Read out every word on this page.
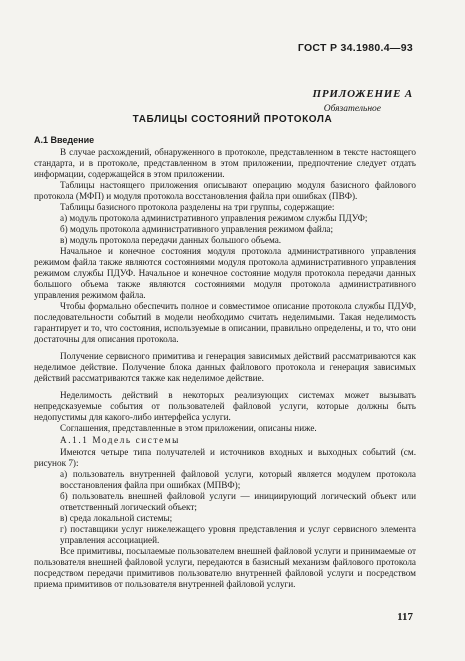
ГОСТ Р 34.1980.4—93
ПРИЛОЖЕНИЕ А
Обязательное
ТАБЛИЦЫ СОСТОЯНИЙ ПРОТОКОЛА

А.1 Введение

В случае расхождений, обнаруженного в протоколе, представленном в тексте настоящего стандарта, и в протоколе, представленном в этом приложении, предпочтение следует отдать информации, содержащейся в этом приложении.

Таблицы настоящего приложения описывают операцию модуля базисного файлового протокола (МФП) и модуля протокола восстановления файла при ошибках (ПВФ).

Таблицы базисного протокола разделены на три группы, содержащие:

а) модуль протокола административного управления режимом службы ПДУФ;

б) модуль протокола административного управления режимом файла;

в) модуль протокола передачи данных большого объема.

Начальное и конечное состояния модуля протокола административного управления режимом файла также являются состояниями модуля протокола административного управления режимом службы ПДУФ. Начальное и конечное состояние модуля протокола передачи данных большого объема также являются состояниями модуля протокола административного управления режимом файла.

Чтобы формально обеспечить полное и совместимое описание протокола службы ПДУФ, последовательности событий в модели необходимо считать неделимыми. Такая неделимость гарантирует и то, что состояния, используемые в описании, правильно определены, и то, что они достаточны для описания протокола.

Получение сервисного примитива и генерация зависимых действий рассматриваются как неделимое действие. Получение блока данных файлового протокола и генерация зависимых действий рассматриваются также как неделимое действие.

Неделимость действий в некоторых реализующих системах может вызывать непредсказуемые события от пользователей файловой услуги, которые должны быть недопустимы для какого-либо интерфейса услуги.

Соглашения, представленные в этом приложении, описаны ниже.

А.1.1 Модель системы

Имеются четыре типа получателей и источников входных и выходных событий (см. рисунок 7):

а) пользователь внутренней файловой услуги, который является модулем протокола восстановления файла при ошибках (МПВФ);

б) пользователь внешней файловой услуги — инициирующий логический объект или ответственный логический объект;

в) среда локальной системы;

г) поставщики услуг нижележащего уровня представления и услуг сервисного элемента управления ассоциацией.

Все примитивы, посылаемые пользователем внешней файловой услуги и принимаемые от пользователя внешней файловой услуги, передаются в базисный механизм файлового протокола посредством передачи примитивов пользователю внутренней файловой услуги и посредством приема примитивов от пользователя внутренней файловой услуги.

117
